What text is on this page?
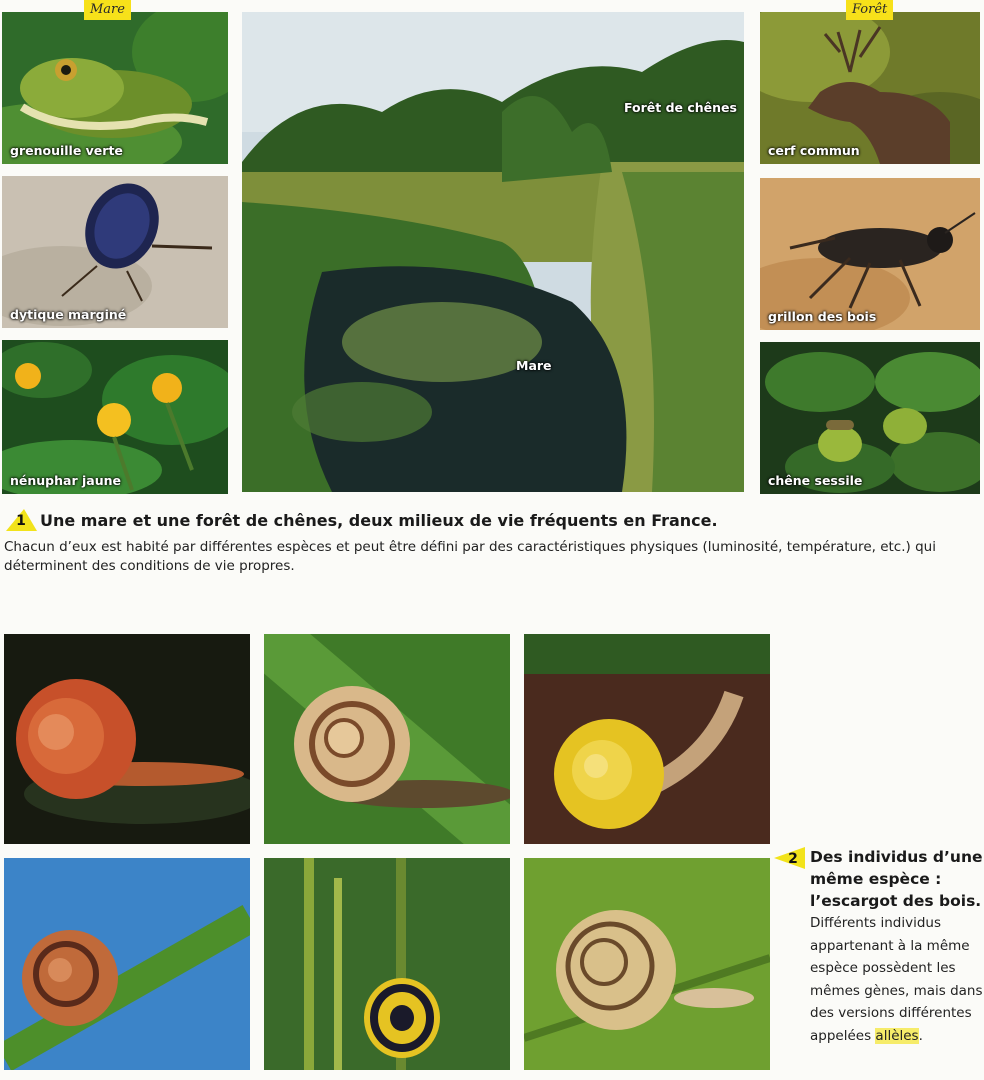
grenouille verte
Mare
dytique marginé
nénuphar jaune
Forêt de chênes
Mare
cerf commun
Forêt
grillon des bois
chêne sessile
1 Une mare et une forêt de chênes, deux milieux de vie fréquents en France.
Chacun d’eux est habité par différentes espèces et peut être défini par des caractéristiques physiques (luminosité, température, etc.) qui déterminent des conditions de vie propres.
2 Des individus d’une même espèce : l’escargot des bois.
Différents individus appartenant à la même espèce possèdent les mêmes gènes, mais dans des versions différentes appelées allèles.
